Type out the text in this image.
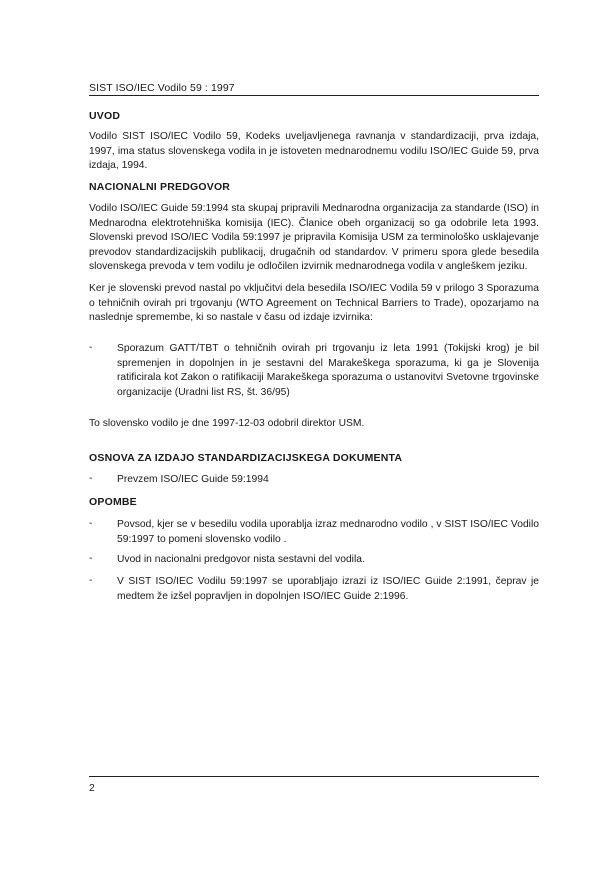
SIST ISO/IEC Vodilo 59 : 1997
UVOD
Vodilo SIST ISO/IEC Vodilo 59, Kodeks uveljavljenega ravnanja v standardizaciji, prva izdaja, 1997, ima status slovenskega vodila in je istoveten mednarodnemu vodilu ISO/IEC Guide 59, prva izdaja, 1994.
NACIONALNI PREDGOVOR
Vodilo ISO/IEC Guide 59:1994 sta skupaj pripravili Mednarodna organizacija za standarde (ISO) in Mednarodna elektrotehniška komisija (IEC). Članice obeh organizacij so ga odobrile leta 1993. Slovenski prevod ISO/IEC Vodila 59:1997 je pripravila Komisija USM za terminološko usklajevanje prevodov standardizacijskih publikacij, drugačnih od standardov. V primeru spora glede besedila slovenskega prevoda v tem vodilu je odločilen izvirnik mednarodnega vodila v angleškem jeziku.
Ker je slovenski prevod nastal po vključitvi dela besedila ISO/IEC Vodila 59 v prilogo 3 Sporazuma o tehničnih ovirah pri trgovanju (WTO Agreement on Technical Barriers to Trade), opozarjamo na naslednje spremembe, ki so nastale v času od izdaje izvirnika:
- Sporazum GATT/TBT o tehničnih ovirah pri trgovanju iz leta 1991 (Tokijski krog) je bil spremenjen in dopolnjen in je sestavni del Marakeškega sporazuma, ki ga je Slovenija ratificirala kot Zakon o ratifikaciji Marakeškega sporazuma o ustanovitvi Svetovne trgovinske organizacije (Uradni list RS, št. 36/95)
To slovensko vodilo je dne 1997-12-03 odobril direktor USM.
OSNOVA ZA IZDAJO STANDARDIZACIJSKEGA DOKUMENTA
- Prevzem ISO/IEC Guide 59:1994
OPOMBE
- Povsod, kjer se v besedilu vodila uporablja izraz mednarodno vodilo , v SIST ISO/IEC Vodilo 59:1997 to pomeni slovensko vodilo .
- Uvod in nacionalni predgovor nista sestavni del vodila.
- V SIST ISO/IEC Vodilu 59:1997 se uporabljajo izrazi iz ISO/IEC Guide 2:1991, čeprav je medtem že izšel popravljen in dopolnjen ISO/IEC Guide 2:1996.
2
